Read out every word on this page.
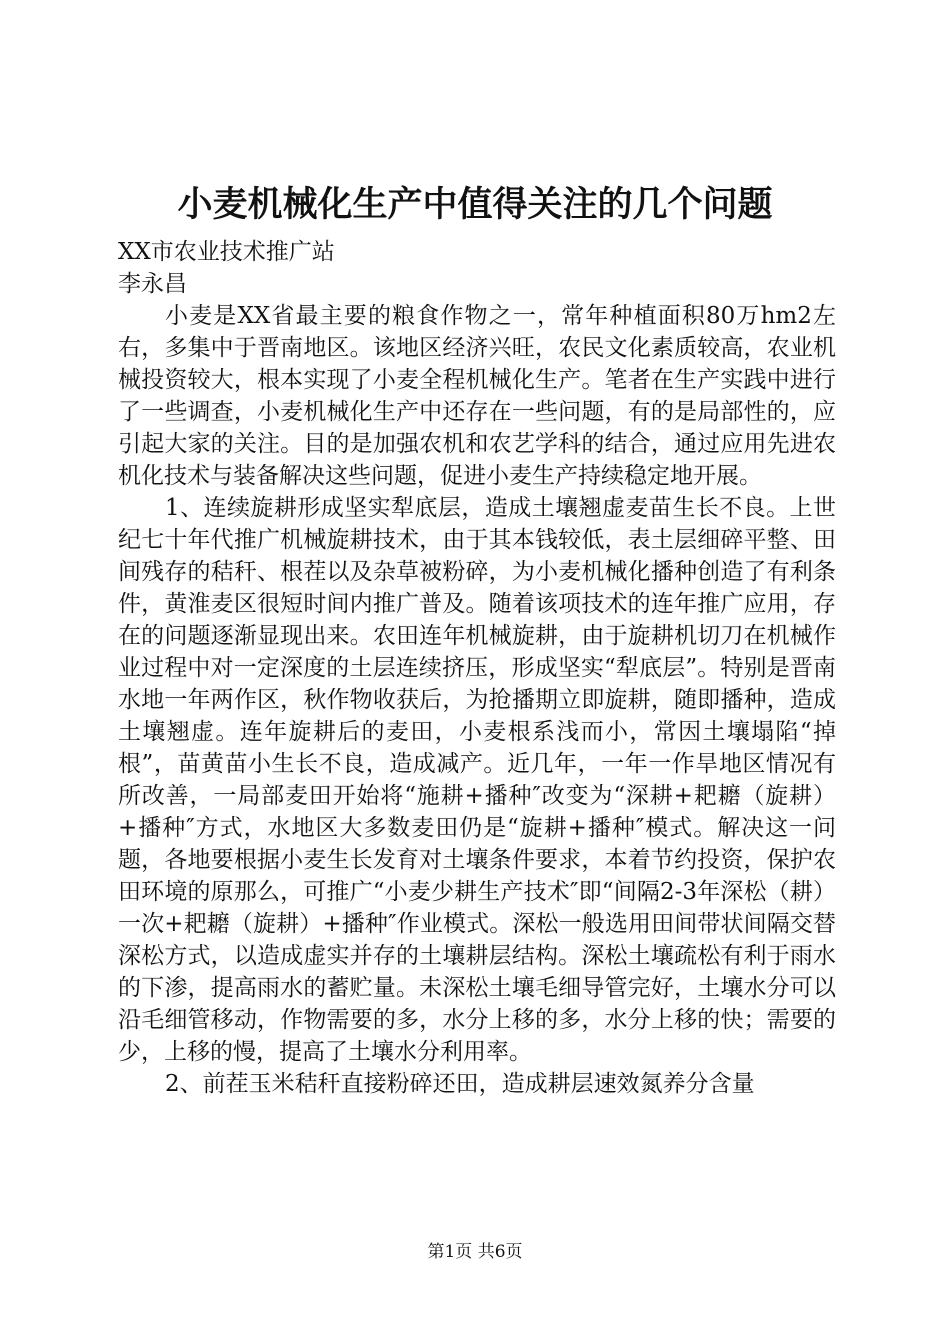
小麦机械化生产中值得关注的几个问题

XX市农业技术推广站

李永昌

小麦是XX省最主要的粮食作物之一，常年种植面积80万hm2左右，多集中于晋南地区。该地区经济兴旺，农民文化素质较高，农业机械投资较大，根本实现了小麦全程机械化生产。笔者在生产实践中进行了一些调查，小麦机械化生产中还存在一些问题，有的是局部性的，应引起大家的关注。目的是加强农机和农艺学科的结合，通过应用先进农机化技术与装备解决这些问题，促进小麦生产持续稳定地开展。

1、连续旋耕形成坚实犁底层，造成土壤翘虚麦苗生长不良。上世纪七十年代推广机械旋耕技术，由于其本钱较低，表土层细碎平整、田间残存的秸秆、根茬以及杂草被粉碎，为小麦机械化播种创造了有利条件，黄淮麦区很短时间内推广普及。随着该项技术的连年推广应用，存在的问题逐渐显现出来。农田连年机械旋耕，由于旋耕机切刀在机械作业过程中对一定深度的土层连续挤压，形成坚实“犁底层”。特别是晋南水地一年两作区，秋作物收获后，为抢播期立即旋耕，随即播种，造成土壤翘虚。连年旋耕后的麦田，小麦根系浅而小，常因土壤塌陷“掉根”，苗黄苗小生长不良，造成减产。近几年，一年一作旱地区情况有所改善，一局部麦田开始将“施耕+播种″改变为“深耕+耙耱（旋耕）+播种″方式，水地区大多数麦田仍是“旋耕+播种″模式。解决这一问题，各地要根据小麦生长发育对土壤条件要求，本着节约投资，保护农田环境的原那么，可推广“小麦少耕生产技术″即“间隔2-3年深松（耕）一次+耙耱（旋耕）+播种″作业模式。深松一般选用田间带状间隔交替深松方式，以造成虚实并存的土壤耕层结构。深松土壤疏松有利于雨水的下渗，提高雨水的蓄贮量。未深松土壤毛细导管完好，土壤水分可以沿毛细管移动，作物需要的多，水分上移的多，水分上移的快；需要的少，上移的慢，提高了土壤水分利用率。

2、前茬玉米秸秆直接粉碎还田，造成耕层速效氮养分含量

第1页 共6页
